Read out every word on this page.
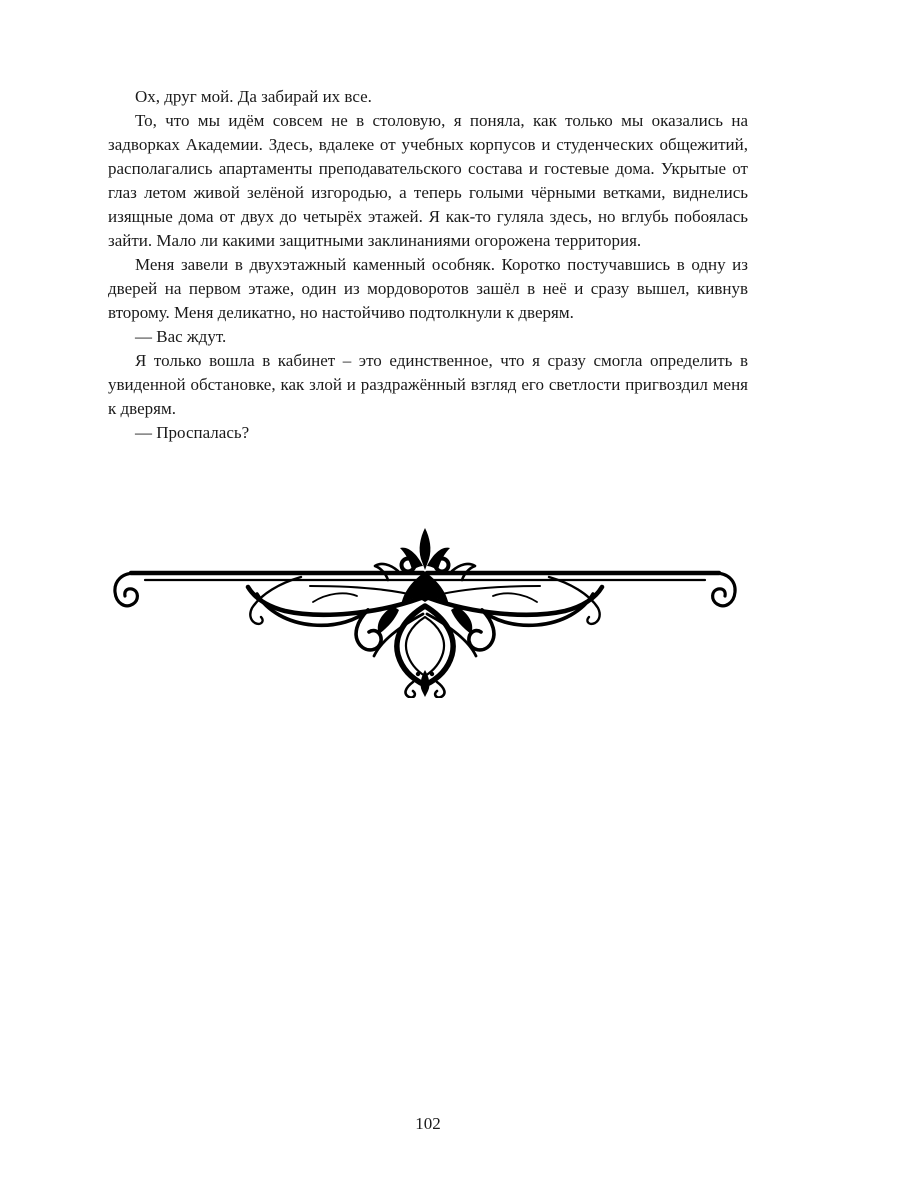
Ох, друг мой. Да забирай их все.

То, что мы идём совсем не в столовую, я поняла, как только мы оказались на задворках Академии. Здесь, вдалеке от учебных корпусов и студенческих общежитий, располагались апартаменты преподавательского состава и гостевые дома. Укрытые от глаз летом живой зелёной изгородью, а теперь голыми чёрными ветками, виднелись изящные дома от двух до четырёх этажей. Я как-то гуляла здесь, но вглубь побоялась зайти. Мало ли какими защитными заклинаниями огорожена территория.

Меня завели в двухэтажный каменный особняк. Коротко постучавшись в одну из дверей на первом этаже, один из мордоворотов зашёл в неё и сразу вышел, кивнув второму. Меня деликатно, но настойчиво подтолкнули к дверям.

— Вас ждут.

Я только вошла в кабинет – это единственное, что я сразу смогла определить в увиденной обстановке, как злой и раздражённый взгляд его светлости пригвоздил меня к дверям.

— Проспалась?

102
